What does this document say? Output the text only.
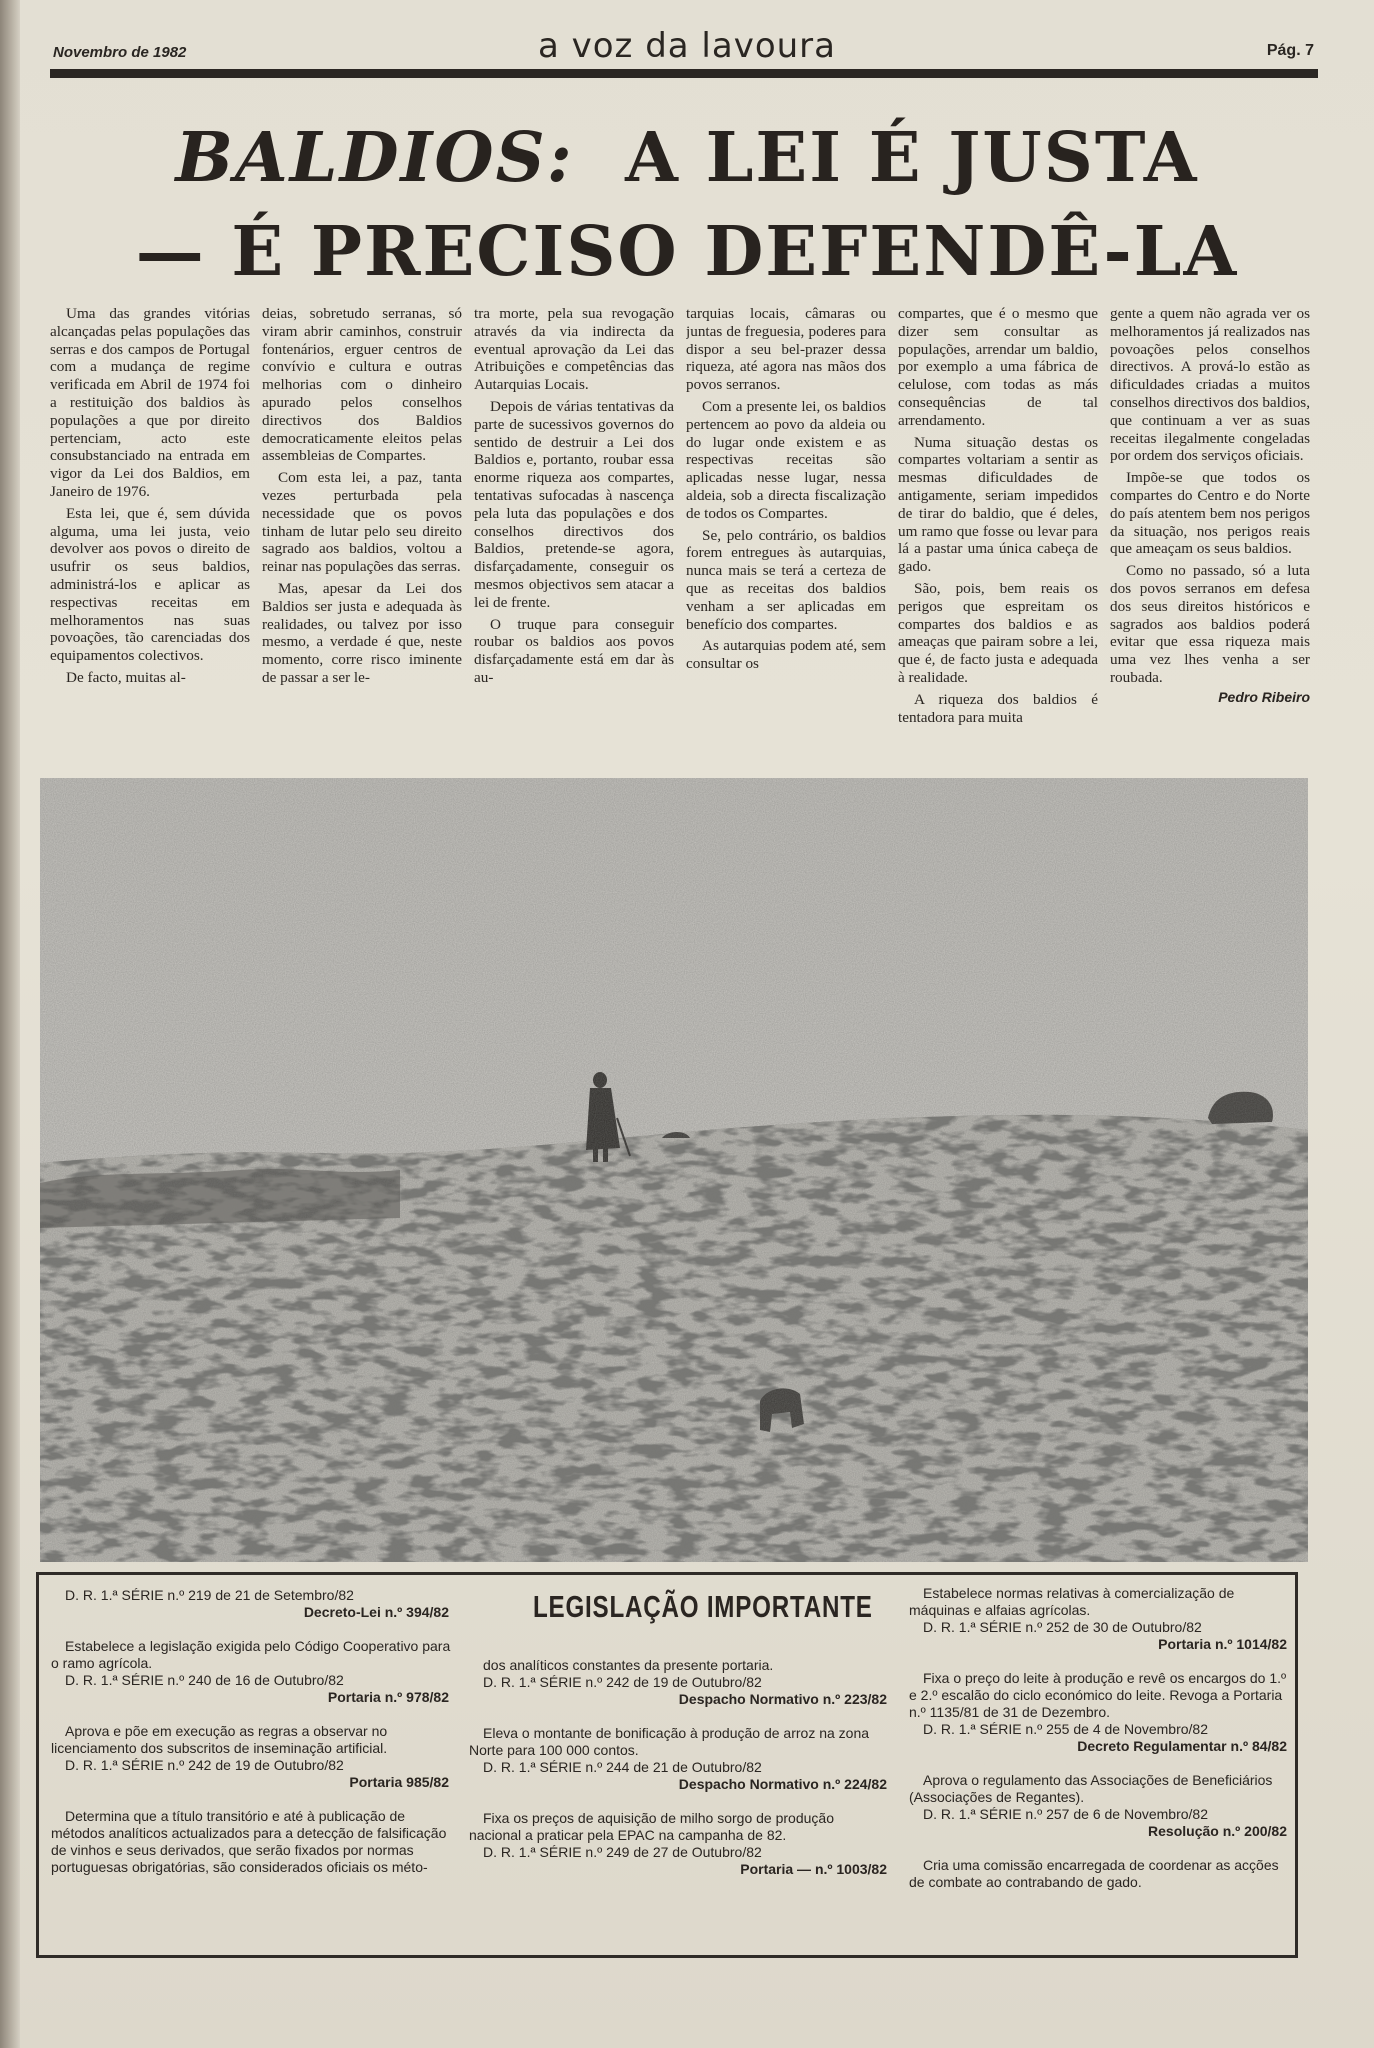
Novembro de 1982	a voz da lavoura	Pág. 7
BALDIOS: A LEI É JUSTA
— É PRECISO DEFENDÊ-LA

Uma das grandes vitórias alcançadas pelas populações das serras e dos campos de Portugal com a mudança de regime verificada em Abril de 1974 foi a restituição dos baldios às populações a que por direito pertenciam, acto este consubstanciado na entrada em vigor da Lei dos Baldios, em Janeiro de 1976.

Esta lei, que é, sem dúvida alguma, uma lei justa, veio devolver aos povos o direito de usufrir os seus baldios, administrá-los e aplicar as respectivas receitas em melhoramentos nas suas povoações, tão carenciadas dos equipamentos colectivos.

De facto, muitas al-

deias, sobretudo serranas, só viram abrir caminhos, construir fontenários, erguer centros de convívio e cultura e outras melhorias com o dinheiro apurado pelos conselhos directivos dos Baldios democraticamente eleitos pelas assembleias de Compartes.

Com esta lei, a paz, tanta vezes perturbada pela necessidade que os povos tinham de lutar pelo seu direito sagrado aos baldios, voltou a reinar nas populações das serras.

Mas, apesar da Lei dos Baldios ser justa e adequada às realidades, ou talvez por isso mesmo, a verdade é que, neste momento, corre risco iminente de passar a ser le-

tra morte, pela sua revogação através da via indirecta da eventual aprovação da Lei das Atribuições e competências das Autarquias Locais.

Depois de várias tentativas da parte de sucessivos governos do sentido de destruir a Lei dos Baldios e, portanto, roubar essa enorme riqueza aos compartes, tentativas sufocadas à nascença pela luta das populações e dos conselhos directivos dos Baldios, pretende-se agora, disfarçadamente, conseguir os mesmos objectivos sem atacar a lei de frente.

O truque para conseguir roubar os baldios aos povos disfarçadamente está em dar às au-

tarquias locais, câmaras ou juntas de freguesia, poderes para dispor a seu bel-prazer dessa riqueza, até agora nas mãos dos povos serranos.

Com a presente lei, os baldios pertencem ao povo da aldeia ou do lugar onde existem e as respectivas receitas são aplicadas nesse lugar, nessa aldeia, sob a directa fiscalização de todos os Compartes.

Se, pelo contrário, os baldios forem entregues às autarquias, nunca mais se terá a certeza de que as receitas dos baldios venham a ser aplicadas em benefício dos compartes.

As autarquias podem até, sem consultar os

compartes, que é o mesmo que dizer sem consultar as populações, arrendar um baldio, por exemplo a uma fábrica de celulose, com todas as más consequências de tal arrendamento.

Numa situação destas os compartes voltariam a sentir as mesmas dificuldades de antigamente, seriam impedidos de tirar do baldio, que é deles, um ramo que fosse ou levar para lá a pastar uma única cabeça de gado.

São, pois, bem reais os perigos que espreitam os compartes dos baldios e as ameaças que pairam sobre a lei, que é, de facto justa e adequada à realidade.

A riqueza dos baldios é tentadora para muita

gente a quem não agrada ver os melhoramentos já realizados nas povoações pelos conselhos directivos. A prová-lo estão as dificuldades criadas a muitos conselhos directivos dos baldios, que continuam a ver as suas receitas ilegalmente congeladas por ordem dos serviços oficiais.

Impõe-se que todos os compartes do Centro e do Norte do país atentem bem nos perigos da situação, nos perigos reais que ameaçam os seus baldios.

Como no passado, só a luta dos povos serranos em defesa dos seus direitos históricos e sagrados aos baldios poderá evitar que essa riqueza mais uma vez lhes venha a ser roubada.

Pedro Ribeiro
LEGISLAÇÃO IMPORTANTE
D. R. 1.ª SÉRIE n.º 219 de 21 de Setembro/82
Decreto-Lei n.º 394/82
Estabelece a legislação exigida pelo Código Cooperativo para o ramo agrícola.
D. R. 1.ª SÉRIE n.º 240 de 16 de Outubro/82
Portaria n.º 978/82
Aprova e põe em execução as regras a observar no licenciamento dos subscritos de inseminação artificial.
D. R. 1.ª SÉRIE n.º 242 de 19 de Outubro/82
Portaria 985/82
Determina que a título transitório e até à publicação de métodos analíticos actualizados para a detecção de falsificação de vinhos e seus derivados, que serão fixados por normas portuguesas obrigatórias, são considerados oficiais os méto-
dos analíticos constantes da presente portaria.
D. R. 1.ª SÉRIE n.º 242 de 19 de Outubro/82
Despacho Normativo n.º 223/82
Eleva o montante de bonificação à produção de arroz na zona Norte para 100 000 contos.
D. R. 1.ª SÉRIE n.º 244 de 21 de Outubro/82
Despacho Normativo n.º 224/82
Fixa os preços de aquisição de milho sorgo de produção nacional a praticar pela EPAC na campanha de 82.
D. R. 1.ª SÉRIE n.º 249 de 27 de Outubro/82
Portaria — n.º 1003/82
Estabelece normas relativas à comercialização de máquinas e alfaias agrícolas.
D. R. 1.ª SÉRIE n.º 252 de 30 de Outubro/82
Portaria n.º 1014/82
Fixa o preço do leite à produção e revê os encargos do 1.º e 2.º escalão do ciclo económico do leite. Revoga a Portaria n.º 1135/81 de 31 de Dezembro.
D. R. 1.ª SÉRIE n.º 255 de 4 de Novembro/82
Decreto Regulamentar n.º 84/82
Aprova o regulamento das Associações de Beneficiários (Associações de Regantes).
D. R. 1.ª SÉRIE n.º 257 de 6 de Novembro/82
Resolução n.º 200/82
Cria uma comissão encarregada de coordenar as acções de combate ao contrabando de gado.
